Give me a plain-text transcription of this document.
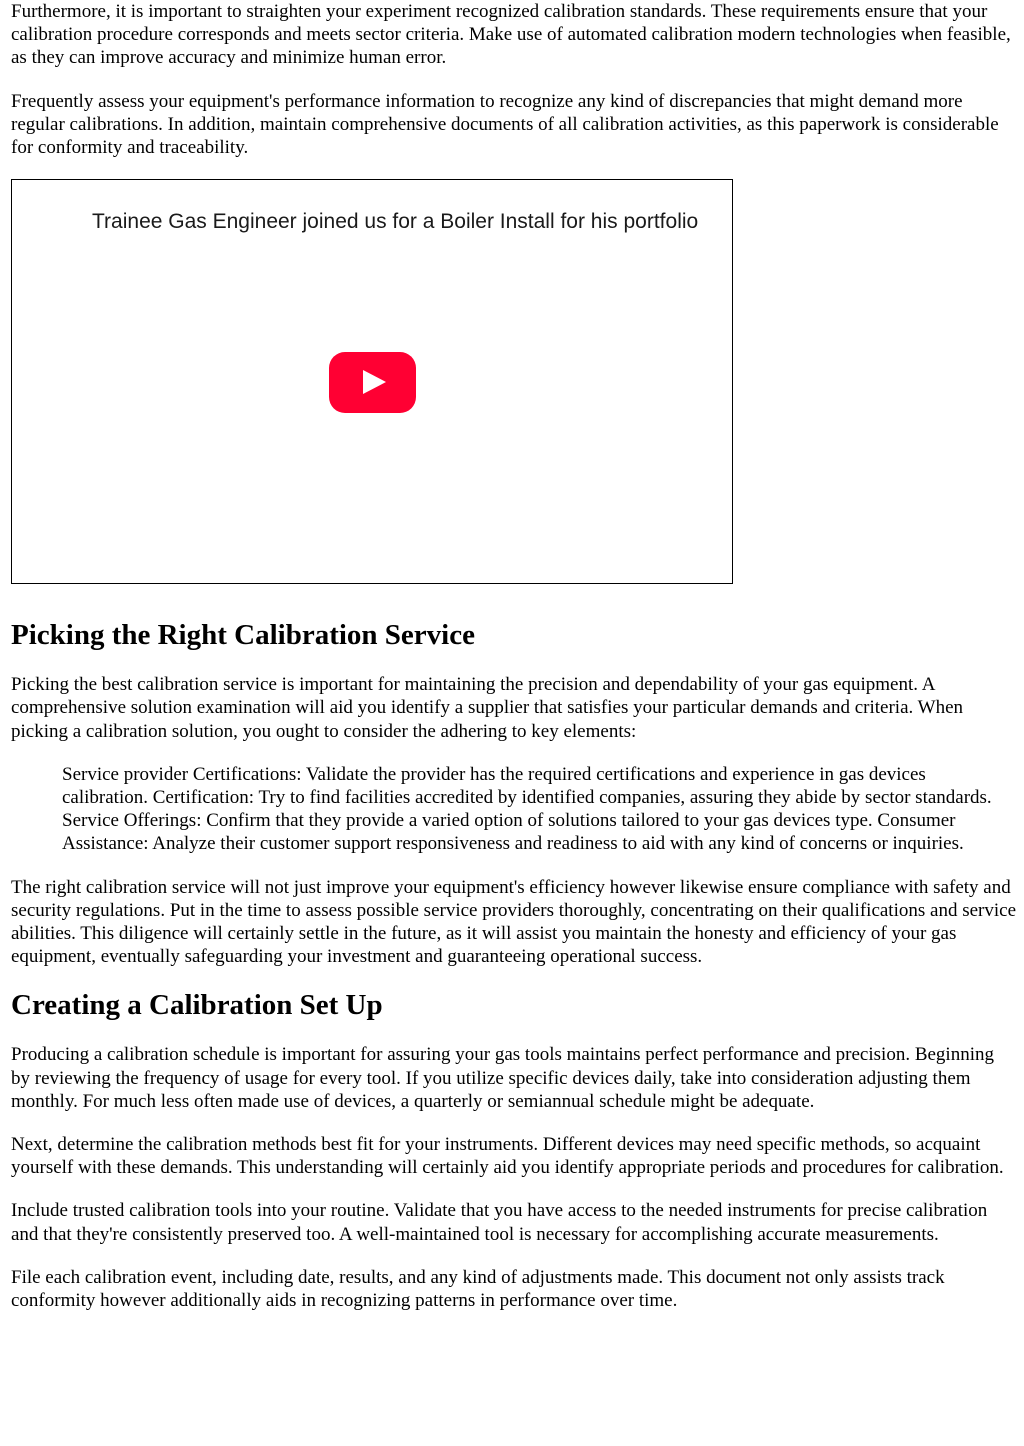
Furthermore, it is important to straighten your experiment recognized calibration standards. These requirements ensure that your calibration procedure corresponds and meets sector criteria. Make use of automated calibration modern technologies when feasible, as they can improve accuracy and minimize human error.

Frequently assess your equipment's performance information to recognize any kind of discrepancies that might demand more regular calibrations. In addition, maintain comprehensive documents of all calibration activities, as this paperwork is considerable for conformity and traceability.

Trainee Gas Engineer joined us for a Boiler Install for his portfolio
Picking the Right Calibration Service

Picking the best calibration service is important for maintaining the precision and dependability of your gas equipment. A comprehensive solution examination will aid you identify a supplier that satisfies your particular demands and criteria. When picking a calibration solution, you ought to consider the adhering to key elements:

Service provider Certifications: Validate the provider has the required certifications and experience in gas devices calibration. Certification: Try to find facilities accredited by identified companies, assuring they abide by sector standards. Service Offerings: Confirm that they provide a varied option of solutions tailored to your gas devices type. Consumer Assistance: Analyze their customer support responsiveness and readiness to aid with any kind of concerns or inquiries.

The right calibration service will not just improve your equipment's efficiency however likewise ensure compliance with safety and security regulations. Put in the time to assess possible service providers thoroughly, concentrating on their qualifications and service abilities. This diligence will certainly settle in the future, as it will assist you maintain the honesty and efficiency of your gas equipment, eventually safeguarding your investment and guaranteeing operational success.

Creating a Calibration Set Up

Producing a calibration schedule is important for assuring your gas tools maintains perfect performance and precision. Beginning by reviewing the frequency of usage for every tool. If you utilize specific devices daily, take into consideration adjusting them monthly. For much less often made use of devices, a quarterly or semiannual schedule might be adequate.

Next, determine the calibration methods best fit for your instruments. Different devices may need specific methods, so acquaint yourself with these demands. This understanding will certainly aid you identify appropriate periods and procedures for calibration.

Include trusted calibration tools into your routine. Validate that you have access to the needed instruments for precise calibration and that they're consistently preserved too. A well-maintained tool is necessary for accomplishing accurate measurements.

File each calibration event, including date, results, and any kind of adjustments made. This document not only assists track conformity however additionally aids in recognizing patterns in performance over time.
